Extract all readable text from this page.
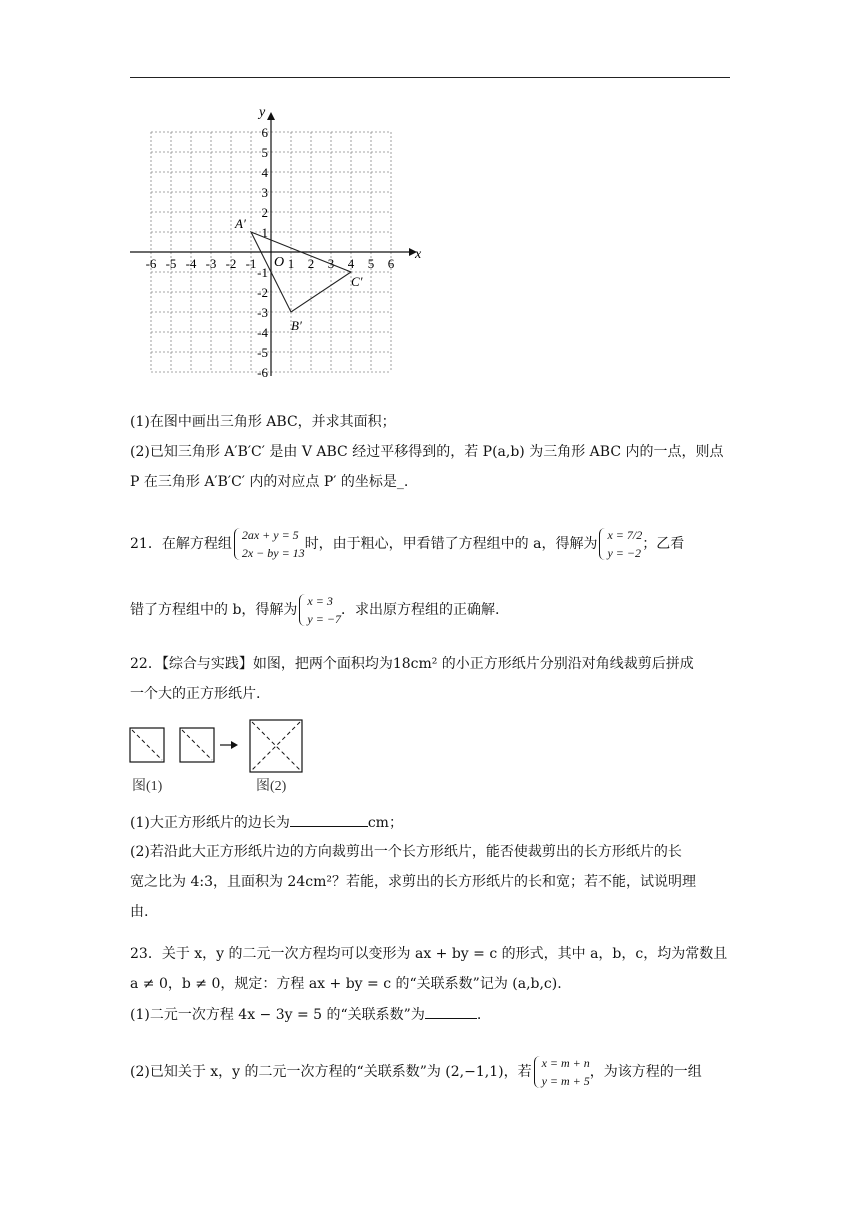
x
y
O
-6 -5 -4 -3 -2 -1 1 2 3 4 5 6
6
5
4
3
2
1
-1
-2
-3
-4
-5
-6
A′
B′
C′
(1)在图中画出三角形 ABC，并求其面积；
(2)已知三角形 A′B′C′ 是由 V ABC 经过平移得到的，若 P(a,b) 为三角形 ABC 内的一点，则点
P 在三角形 A′B′C′ 内的对应点 P′ 的坐标是_.
21．在解方程组
2ax + y = 5
2x − by = 13
时，由于粗心，甲看错了方程组中的 a，得解为
x = 7/2
y = −2
；乙看
错了方程组中的 b，得解为
x = 3
y = −7
．求出原方程组的正确解.
22．【综合与实践】如图，把两个面积均为18cm² 的小正方形纸片分别沿对角线裁剪后拼成
一个大的正方形纸片.
图(1)	图(2)
(1)大正方形纸片的边长为	cm；
(2)若沿此大正方形纸片边的方向裁剪出一个长方形纸片，能否使裁剪出的长方形纸片的长
宽之比为 4:3，且面积为 24cm²？若能，求剪出的长方形纸片的长和宽；若不能，试说明理
由.
23．关于 x，y 的二元一次方程均可以变形为 ax + by = c 的形式，其中 a，b，c，均为常数且
a ≠ 0，b ≠ 0，规定：方程 ax + by = c 的“关联系数”记为 (a,b,c).
(1)二元一次方程 4x − 3y = 5 的“关联系数”为	.
(2)已知关于 x，y 的二元一次方程的“关联系数”为 (2,−1,1)，若
x = m + n
y = m + 5
，为该方程的一组
